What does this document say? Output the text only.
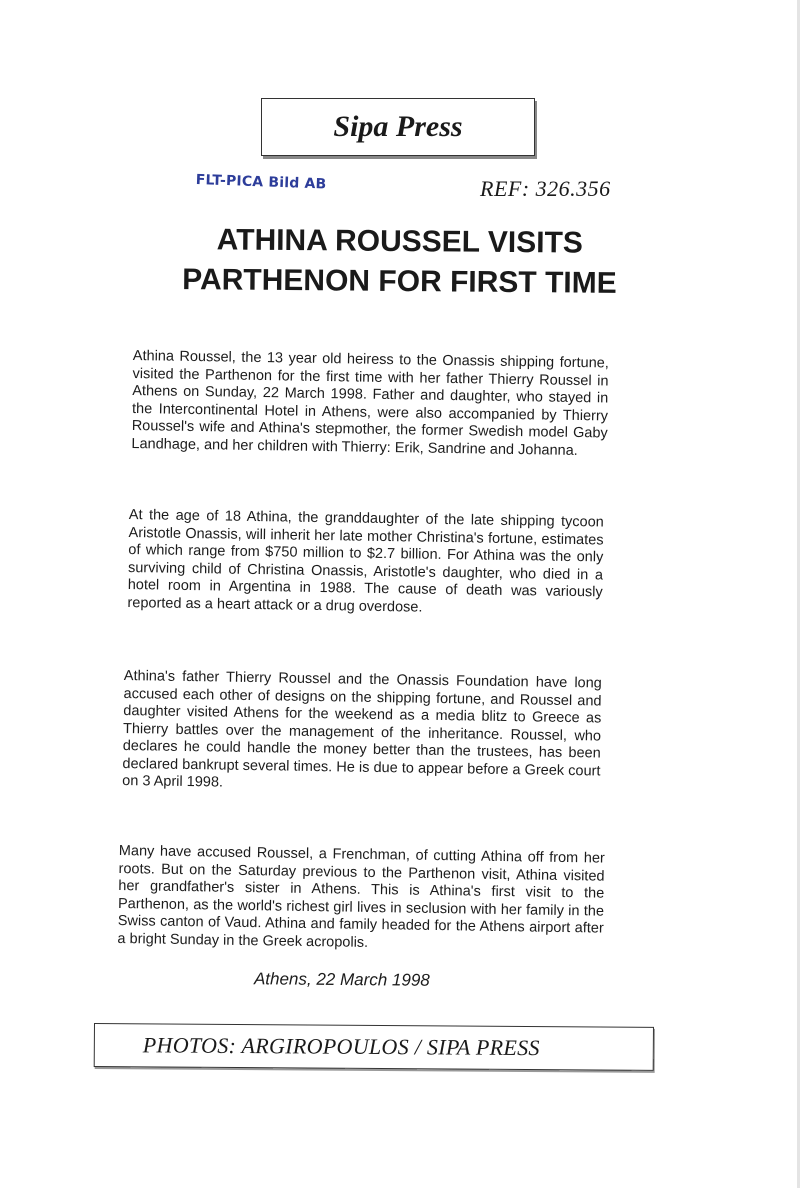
Sipa Press
FLT-PICA Bild AB	REF: 326.356
ATHINA ROUSSEL VISITS
PARTHENON FOR FIRST TIME

Athina Roussel, the 13 year old heiress to the Onassis shipping fortune, visited the Parthenon for the first time with her father Thierry Roussel in Athens on Sunday, 22 March 1998. Father and daughter, who stayed in the Intercontinental Hotel in Athens, were also accompanied by Thierry Roussel's wife and Athina's stepmother, the former Swedish model Gaby Landhage, and her children with Thierry: Erik, Sandrine and Johanna.

At the age of 18 Athina, the granddaughter of the late shipping tycoon Aristotle Onassis, will inherit her late mother Christina's fortune, estimates of which range from $750 million to $2.7 billion. For Athina was the only surviving child of Christina Onassis, Aristotle's daughter, who died in a hotel room in Argentina in 1988. The cause of death was variously reported as a heart attack or a drug overdose.

Athina's father Thierry Roussel and the Onassis Foundation have long accused each other of designs on the shipping fortune, and Roussel and daughter visited Athens for the weekend as a media blitz to Greece as Thierry battles over the management of the inheritance. Roussel, who declares he could handle the money better than the trustees, has been declared bankrupt several times. He is due to appear before a Greek court on 3 April 1998.

Many have accused Roussel, a Frenchman, of cutting Athina off from her roots. But on the Saturday previous to the Parthenon visit, Athina visited her grandfather's sister in Athens. This is Athina's first visit to the Parthenon, as the world's richest girl lives in seclusion with her family in the Swiss canton of Vaud. Athina and family headed for the Athens airport after a bright Sunday in the Greek acropolis.

Athens, 22 March 1998
PHOTOS: ARGIROPOULOS / SIPA PRESS
